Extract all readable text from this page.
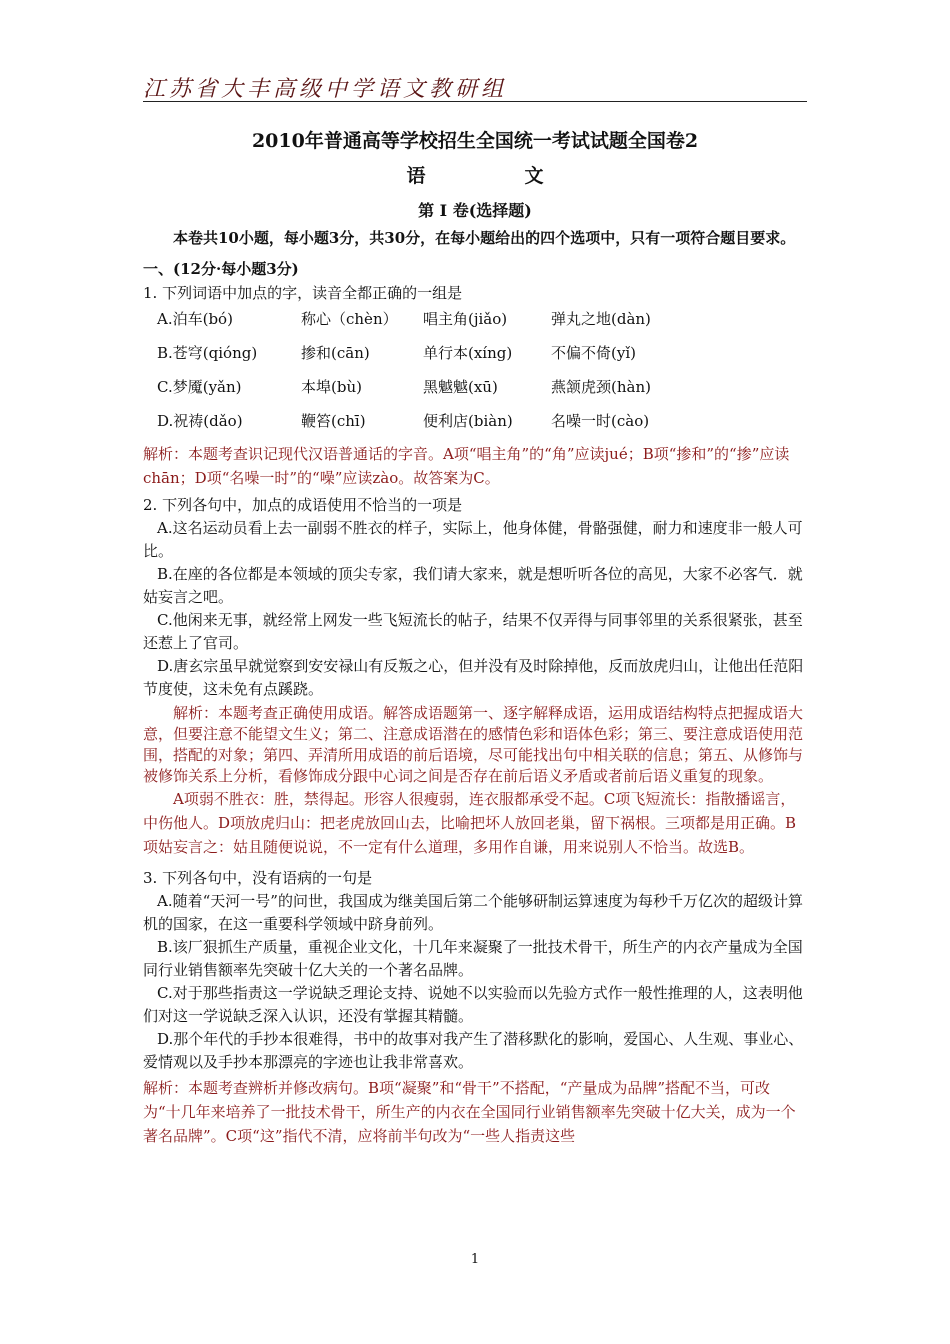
江苏省大丰高级中学语文教研组
2010年普通高等学校招生全国统一考试试题全国卷2
语　文
第 Ⅰ 卷(选择题)

本卷共10小题，每小题3分，共30分，在每小题给出的四个选项中，只有一项符合题目要求。

一、(12分·每小题3分)

1. 下列词语中加点的字，读音全都正确的一组是

A.泊车(bó)	称心（chèn）	唱主角(jiǎo)	弹丸之地(dàn)
B.苍穹(qióng)	掺和(cān)	单行本(xíng)	不偏不倚(yǐ)
C.梦魇(yǎn)	本埠(bù)	黑魆魆(xū)	燕颔虎颈(hàn)
D.祝祷(dǎo)	鞭笞(chī)	便利店(biàn)	名噪一时(cào)

解析：本题考查识记现代汉语普通话的字音。A项“唱主角”的“角”应读jué；B项“掺和”的“掺”应读chān；D项“名噪一时”的“噪”应读zào。故答案为C。

2. 下列各句中，加点的成语使用不恰当的一项是

A.这名运动员看上去一副弱不胜衣的样子，实际上，他身体健，骨骼强健，耐力和速度非一般人可比。

B.在座的各位都是本领域的顶尖专家，我们请大家来，就是想听听各位的高见，大家不必客气．就姑妄言之吧。

C.他闲来无事，就经常上网发一些飞短流长的帖子，结果不仅弄得与同事邻里的关系很紧张，甚至还惹上了官司。

D.唐玄宗虽早就觉察到安安禄山有反叛之心，但并没有及时除掉他，反而放虎归山，让他出任范阳节度使，这未免有点蹊跷。

解析：本题考查正确使用成语。解答成语题第一、逐字解释成语，运用成语结构特点把握成语大意，但要注意不能望文生义；第二、注意成语潜在的感情色彩和语体色彩；第三、要注意成语使用范围，搭配的对象；第四、弄清所用成语的前后语境，尽可能找出句中相关联的信息；第五、从修饰与被修饰关系上分析，看修饰成分跟中心词之间是否存在前后语义矛盾或者前后语义重复的现象。

A项弱不胜衣：胜，禁得起。形容人很瘦弱，连衣服都承受不起。C项飞短流长：指散播谣言，中伤他人。D项放虎归山：把老虎放回山去，比喻把坏人放回老巢，留下祸根。三项都是用正确。B项姑妄言之：姑且随便说说，不一定有什么道理，多用作自谦，用来说别人不恰当。故选B。

3. 下列各句中，没有语病的一句是

A.随着“天河一号”的问世，我国成为继美国后第二个能够研制运算速度为每秒千万亿次的超级计算机的国家，在这一重要科学领域中跻身前列。

B.该厂狠抓生产质量，重视企业文化，十几年来凝聚了一批技术骨干，所生产的内衣产量成为全国同行业销售额率先突破十亿大关的一个著名品牌。

C.对于那些指责这一学说缺乏理论支持、说她不以实验而以先验方式作一般性推理的人，这表明他们对这一学说缺乏深入认识，还没有掌握其精髓。

D.那个年代的手抄本很难得，书中的故事对我产生了潜移默化的影响，爱国心、人生观、事业心、爱情观以及手抄本那漂亮的字迹也让我非常喜欢。

解析：本题考查辨析并修改病句。B项“凝聚”和“骨干”不搭配，“产量成为品牌”搭配不当，可改为“十几年来培养了一批技术骨干，所生产的内衣在全国同行业销售额率先突破十亿大关，成为一个著名品牌”。C项“这”指代不清，应将前半句改为“一些人指责这些

1
